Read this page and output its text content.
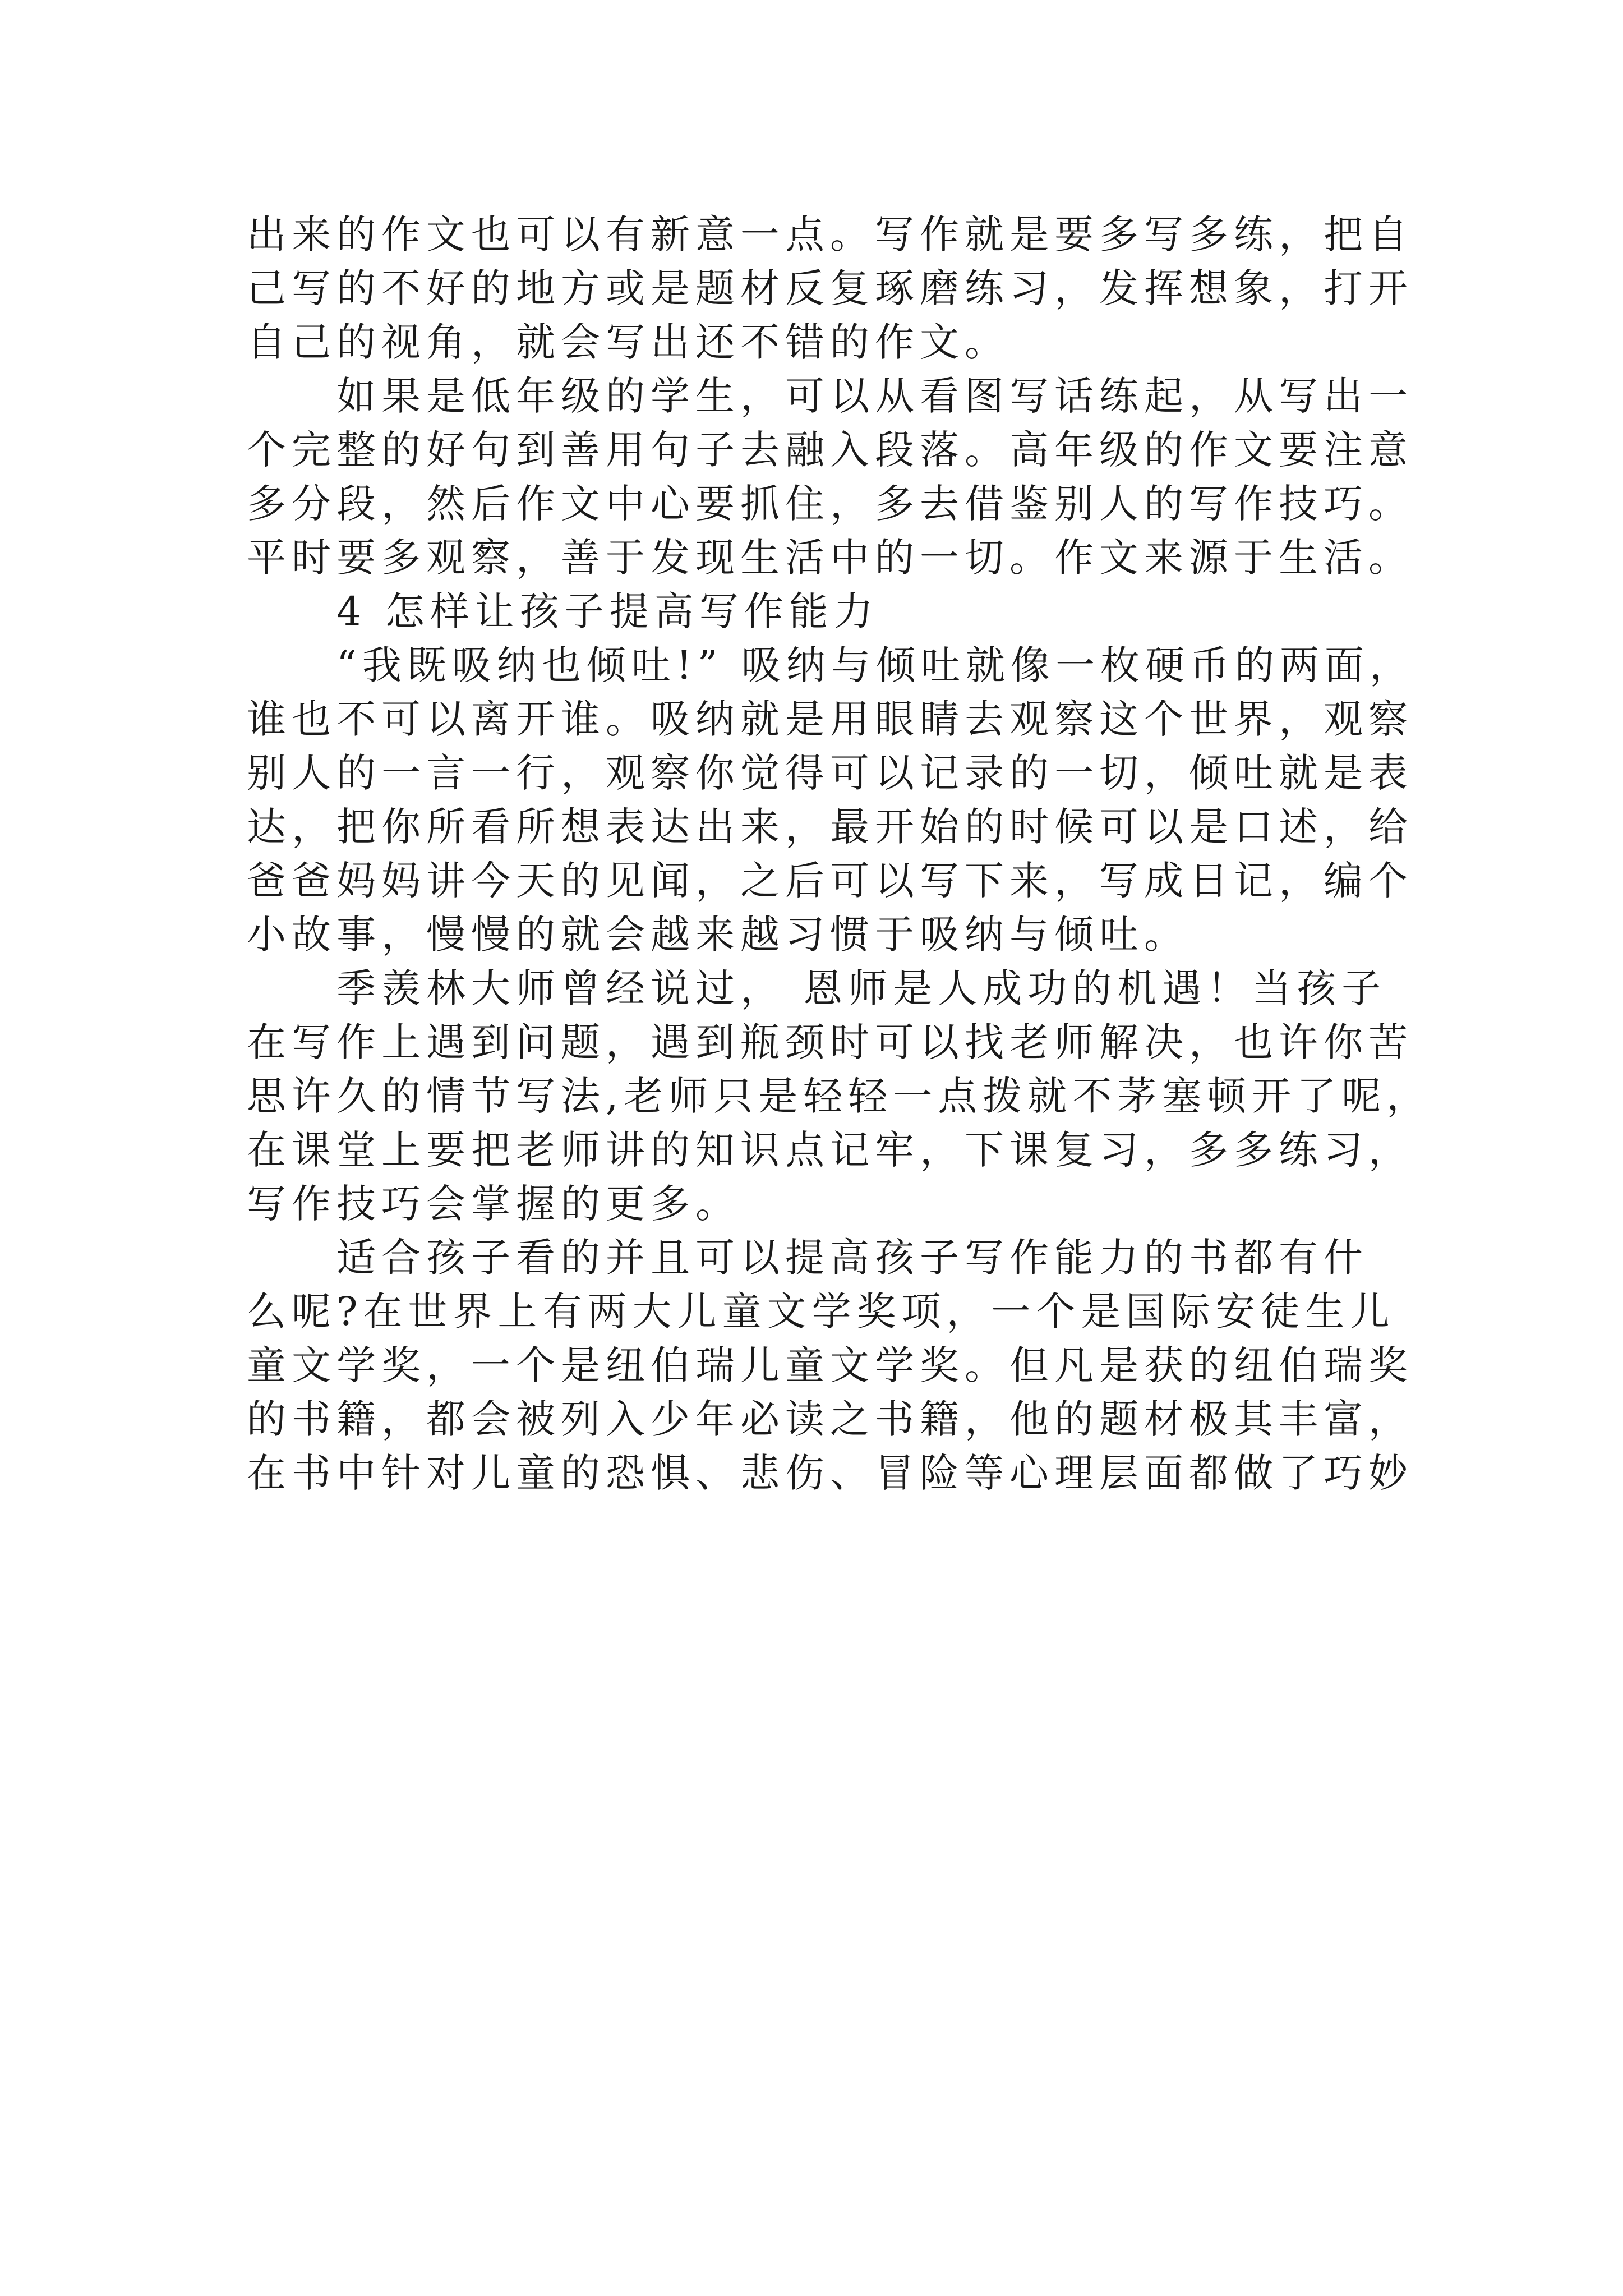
出来的作文也可以有新意一点。写作就是要多写多练，把自
己写的不好的地方或是题材反复琢磨练习，发挥想象，打开
自己的视角，就会写出还不错的作文。
　　如果是低年级的学生，可以从看图写话练起，从写出一
个完整的好句到善用句子去融入段落。高年级的作文要注意
多分段，然后作文中心要抓住，多去借鉴别人的写作技巧。
平时要多观察，善于发现生活中的一切。作文来源于生活。
　　4 怎样让孩子提高写作能力
　　“我既吸纳也倾吐!” 吸纳与倾吐就像一枚硬币的两面，
谁也不可以离开谁。吸纳就是用眼睛去观察这个世界，观察
别人的一言一行，观察你觉得可以记录的一切，倾吐就是表
达，把你所看所想表达出来，最开始的时候可以是口述，给
爸爸妈妈讲今天的见闻，之后可以写下来，写成日记，编个
小故事，慢慢的就会越来越习惯于吸纳与倾吐。
　　季羡林大师曾经说过， 恩师是人成功的机遇！当孩子
在写作上遇到问题，遇到瓶颈时可以找老师解决，也许你苦
思许久的情节写法,老师只是轻轻一点拨就不茅塞顿开了呢，
在课堂上要把老师讲的知识点记牢，下课复习，多多练习，
写作技巧会掌握的更多。
　　适合孩子看的并且可以提高孩子写作能力的书都有什
么呢?在世界上有两大儿童文学奖项，一个是国际安徒生儿
童文学奖，一个是纽伯瑞儿童文学奖。但凡是获的纽伯瑞奖
的书籍，都会被列入少年必读之书籍，他的题材极其丰富，
在书中针对儿童的恐惧、悲伤、冒险等心理层面都做了巧妙
